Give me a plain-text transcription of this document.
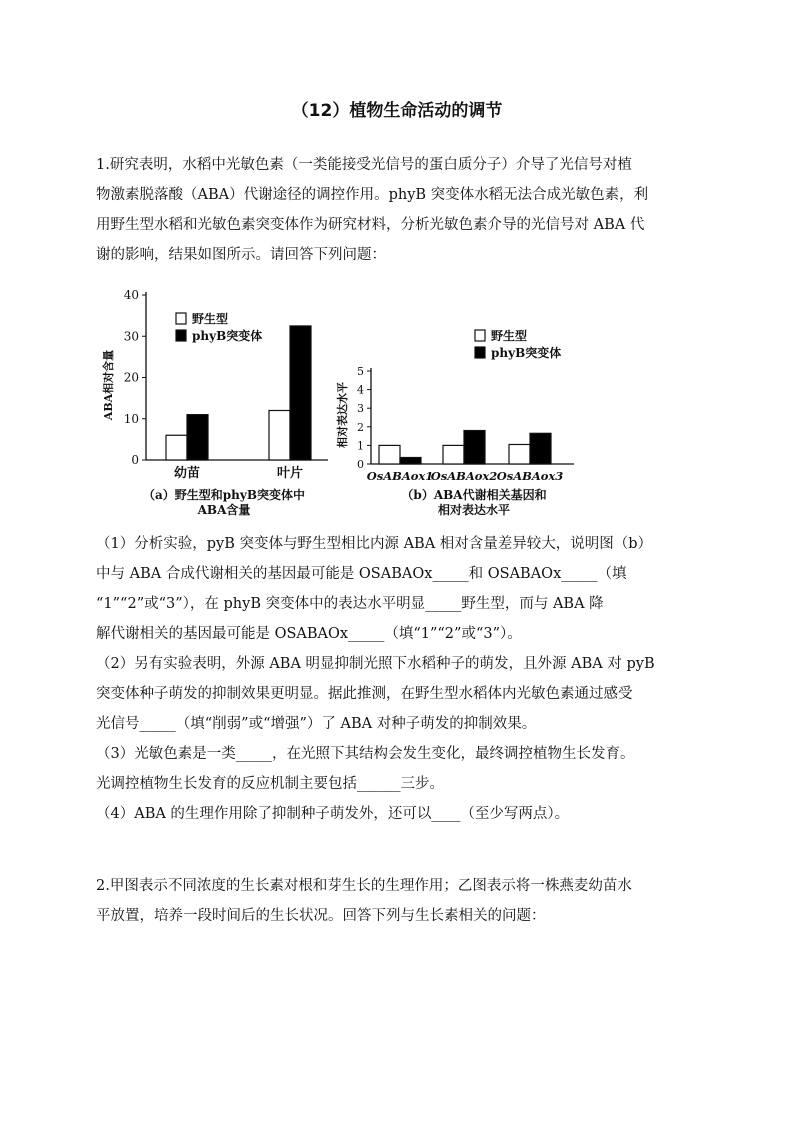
（12）植物生命活动的调节

1.研究表明，水稻中光敏色素（一类能接受光信号的蛋白质分子）介导了光信号对植

物激素脱落酸（ABA）代谢途径的调控作用。phyB 突变体水稻无法合成光敏色素，利

用野生型水稻和光敏色素突变体作为研究材料，分析光敏色素介导的光信号对 ABA 代

谢的影响，结果如图所示。请回答下列问题：

0
10
20
30
40
ABA相对含量
幼苗	叶片
野生型
phyB突变体
（a）野生型和phyB突变体中
ABA含量
0
1
2
3
4
5
相对表达水平
OsABAox1
OsABAox2 OsABAox3
野生型
phyB突变体
（b）ABA代谢相关基因和
相对表达水平

（1）分析实验，pyB 突变体与野生型相比内源 ABA 相对含量差异较大，说明图（b）

中与 ABA 合成代谢相关的基因最可能是 OSABAOx_____和 OSABAOx_____（填

“1”“2”或“3”），在 phyB 突变体中的表达水平明显_____野生型，而与 ABA 降

解代谢相关的基因最可能是 OSABAOx_____（填“1”“2”或“3”）。

（2）另有实验表明，外源 ABA 明显抑制光照下水稻种子的萌发，且外源 ABA 对 pyB

突变体种子萌发的抑制效果更明显。据此推测，在野生型水稻体内光敏色素通过感受

光信号_____（填“削弱”或“增强”）了 ABA 对种子萌发的抑制效果。

（3）光敏色素是一类_____，在光照下其结构会发生变化，最终调控植物生长发育。

光调控植物生长发育的反应机制主要包括______三步。

（4）ABA 的生理作用除了抑制种子萌发外，还可以____（至少写两点）。

2.甲图表示不同浓度的生长素对根和芽生长的生理作用；乙图表示将一株燕麦幼苗水

平放置，培养一段时间后的生长状况。回答下列与生长素相关的问题：
